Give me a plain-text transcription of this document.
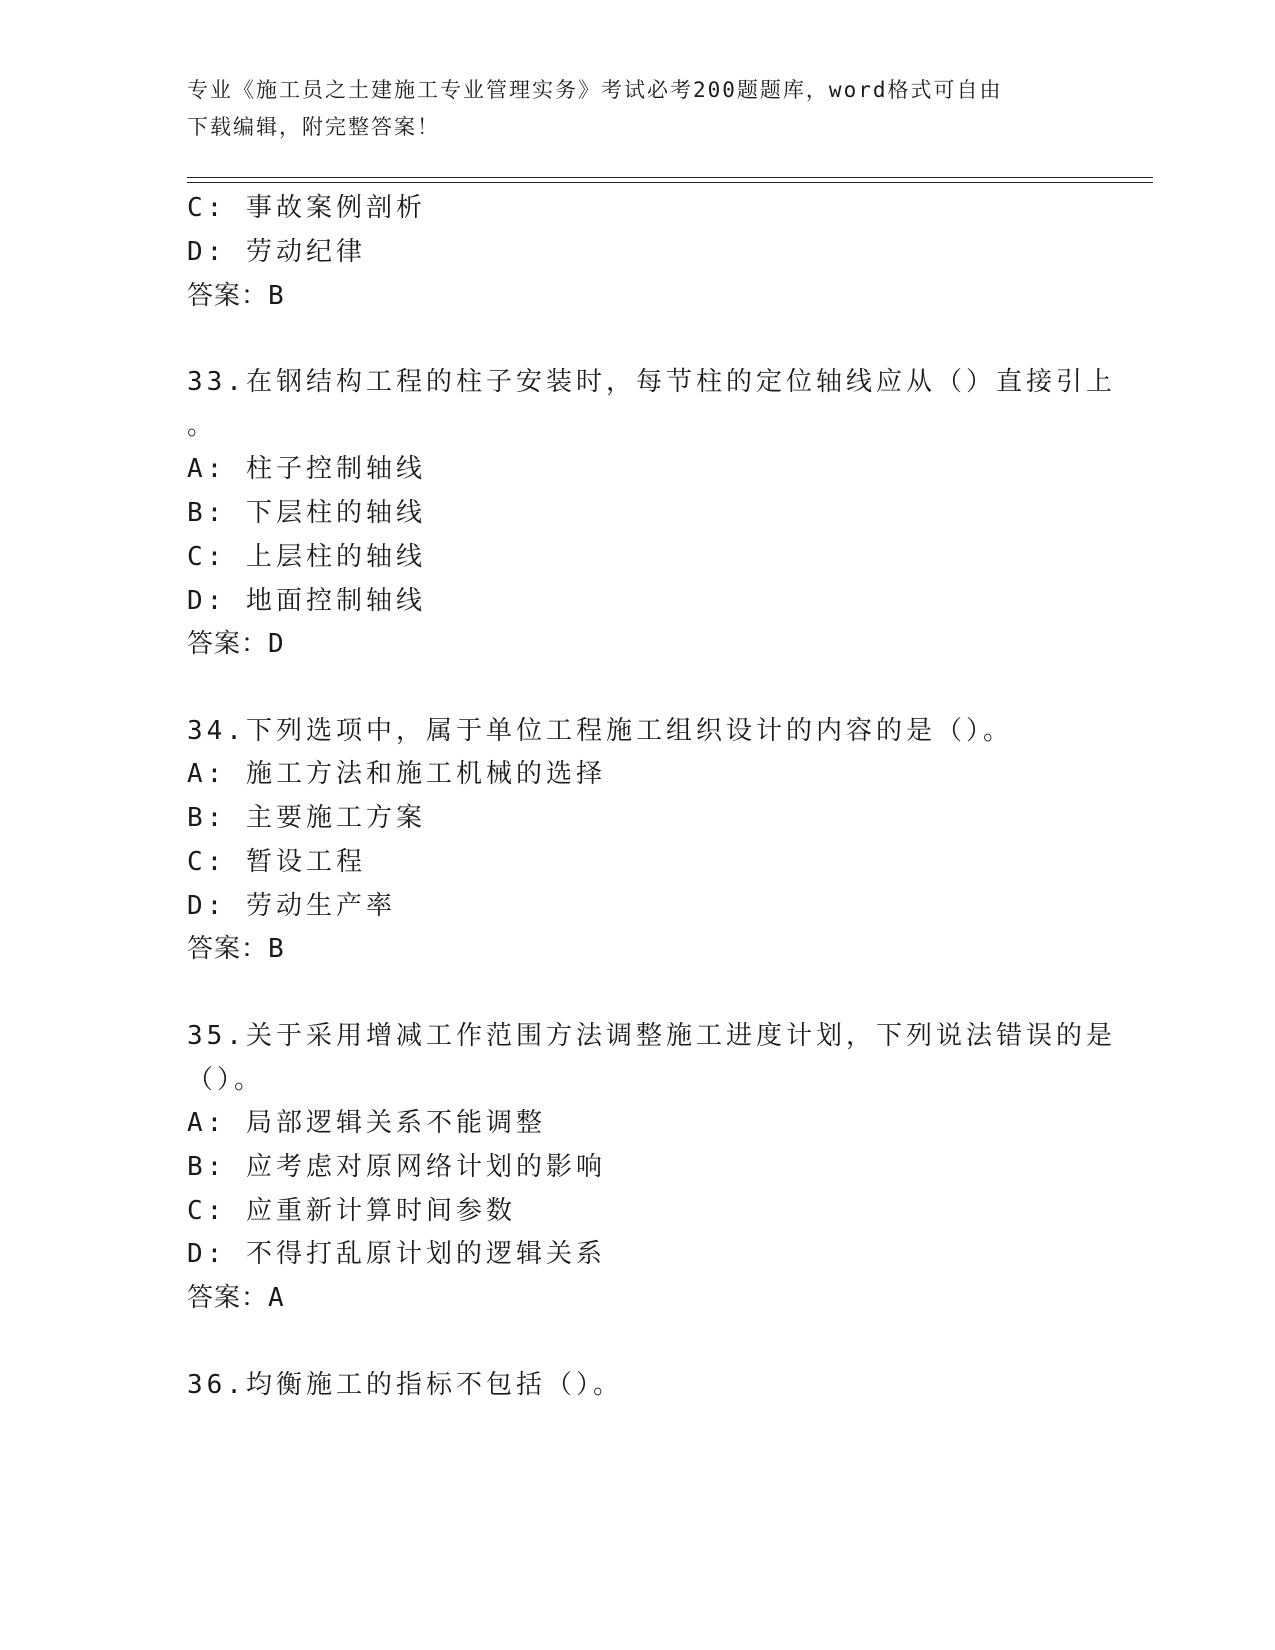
专业《施工员之土建施工专业管理实务》考试必考200题题库，word格式可自由
下载编辑，附完整答案！
C: 事故案例剖析
D: 劳动纪律
答案：B
33.在钢结构工程的柱子安装时，每节柱的定位轴线应从（）直接引上
。
A: 柱子控制轴线
B: 下层柱的轴线
C: 上层柱的轴线
D: 地面控制轴线
答案：D
34.下列选项中，属于单位工程施工组织设计的内容的是（）。
A: 施工方法和施工机械的选择
B: 主要施工方案
C: 暂设工程
D: 劳动生产率
答案：B
35.关于采用增减工作范围方法调整施工进度计划，下列说法错误的是
（）。
A: 局部逻辑关系不能调整
B: 应考虑对原网络计划的影响
C: 应重新计算时间参数
D: 不得打乱原计划的逻辑关系
答案：A
36.均衡施工的指标不包括（）。
